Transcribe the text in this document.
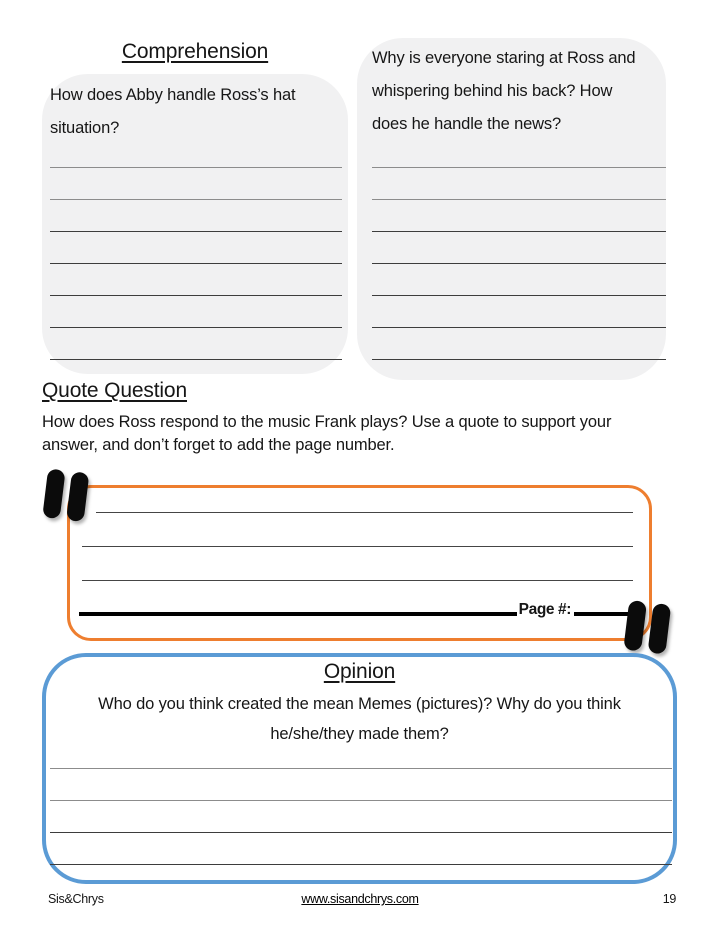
Comprehension
How does Abby handle Ross’s hat
situation?
Why is everyone staring at Ross and
whispering behind his back? How
does he handle the news?
Quote Question
How does Ross respond to the music Frank plays? Use a quote to support your
answer, and don’t forget to add the page number.
Page #:
Opinion
Who do you think created the mean Memes (pictures)? Why do you think
he/she/they made them?
Sis&Chrys	www.sisandchrys.com	19
